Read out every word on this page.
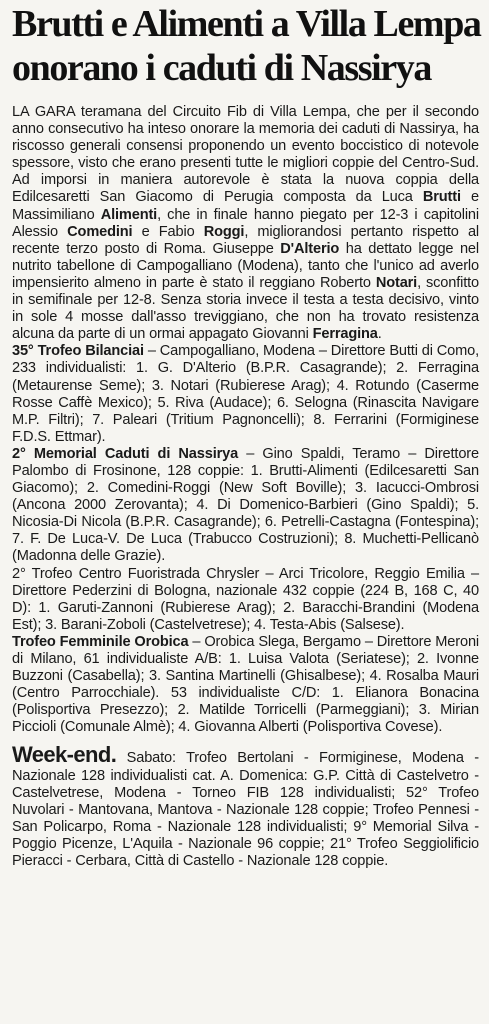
Brutti e Alimenti a Villa Lempa
onorano i caduti di Nassirya

LA GARA teramana del Circuito Fib di Villa Lempa, che per il secondo anno consecutivo ha inteso onorare la memoria dei caduti di Nassirya, ha riscosso generali consensi proponendo un evento boccistico di notevole spessore, visto che erano presenti tutte le migliori coppie del Centro-Sud. Ad imporsi in maniera autorevole è stata la nuova coppia della Edilcesaretti San Giacomo di Perugia composta da Luca Brutti e Massimiliano Alimenti, che in finale hanno piegato per 12-3 i capitolini Alessio Comedini e Fabio Roggi, migliorandosi pertanto rispetto al recente terzo posto di Roma. Giuseppe D'Alterio ha dettato legge nel nutrito tabellone di Campogalliano (Modena), tanto che l'unico ad averlo impensierito almeno in parte è stato il reggiano Roberto Notari, sconfitto in semifinale per 12-8. Senza storia invece il testa a testa decisivo, vinto in sole 4 mosse dall'asso treviggiano, che non ha trovato resistenza alcuna da parte di un ormai appagato Giovanni Ferragina.

35° Trofeo Bilanciai – Campogalliano, Modena – Direttore Butti di Como, 233 individualisti: 1. G. D'Alterio (B.P.R. Casagrande); 2. Ferragina (Metaurense Seme); 3. Notari (Rubierese Arag); 4. Rotundo (Caserme Rosse Caffè Mexico); 5. Riva (Audace); 6. Selogna (Rinascita Navigare M.P. Filtri); 7. Paleari (Tritium Pagnoncelli); 8. Ferrarini (Formiginese F.D.S. Ettmar).

2° Memorial Caduti di Nassirya – Gino Spaldi, Teramo – Direttore Palombo di Frosinone, 128 coppie: 1. Brutti-Alimenti (Edilcesaretti San Giacomo); 2. Comedini-Roggi (New Soft Boville); 3. Iacucci-Ombrosi (Ancona 2000 Zerovanta); 4. Di Domenico-Barbieri (Gino Spaldi); 5. Nicosia-Di Nicola (B.P.R. Casagrande); 6. Petrelli-Castagna (Fontespina); 7. F. De Luca-V. De Luca (Trabucco Costruzioni); 8. Muchetti-Pellicanò (Madonna delle Grazie).

2° Trofeo Centro Fuoristrada Chrysler – Arci Tricolore, Reggio Emilia – Direttore Pederzini di Bologna, nazionale 432 coppie (224 B, 168 C, 40 D): 1. Garuti-Zannoni (Rubierese Arag); 2. Baracchi-Brandini (Modena Est); 3. Barani-Zoboli (Castelvetrese); 4. Testa-Abis (Salsese).

Trofeo Femminile Orobica – Orobica Slega, Bergamo – Direttore Meroni di Milano, 61 individualiste A/B: 1. Luisa Valota (Seriatese); 2. Ivonne Buzzoni (Casabella); 3. Santina Martinelli (Ghisalbese); 4. Rosalba Mauri (Centro Parrocchiale). 53 individualiste C/D: 1. Elianora Bonacina (Polisportiva Presezzo); 2. Matilde Torricelli (Parmeggiani); 3. Mirian Piccioli (Comunale Almè); 4. Giovanna Alberti (Polisportiva Covese).

Week-end. Sabato: Trofeo Bertolani - Formiginese, Modena - Nazionale 128 individualisti cat. A. Domenica: G.P. Città di Castelvetro - Castelvetrese, Modena - Torneo FIB 128 individualisti; 52° Trofeo Nuvolari - Mantovana, Mantova - Nazionale 128 coppie; Trofeo Pennesi - San Policarpo, Roma - Nazionale 128 individualisti; 9° Memorial Silva - Poggio Picenze, L'Aquila - Nazionale 96 coppie; 21° Trofeo Seggiolificio Pieracci - Cerbara, Città di Castello - Nazionale 128 coppie.
